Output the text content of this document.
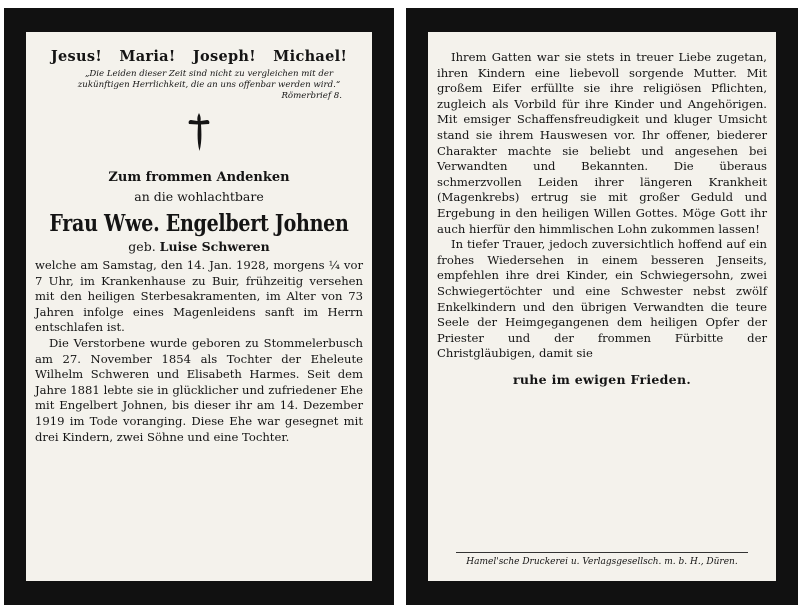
Jesus! Maria! Joseph! Michael!
„Die Leiden dieser Zeit sind nicht zu vergleichen mit der zukünftigen Herrlichkeit, die an uns offenbar werden wird.“
Römerbrief 8.
Zum frommen Andenken
an die wohlachtbare
Frau Wwe. Engelbert Johnen
geb. Luise Schweren

welche am Samstag, den 14. Jan. 1928, morgens ¼ vor 7 Uhr, im Krankenhause zu Buir, frühzeitig versehen mit den heiligen Sterbesakramenten, im Alter von 73 Jahren infolge eines Magenleidens sanft im Herrn entschlafen ist.

Die Verstorbene wurde geboren zu Stommelerbusch am 27. November 1854 als Tochter der Eheleute Wilhelm Schweren und Elisabeth Harmes. Seit dem Jahre 1881 lebte sie in glücklicher und zufriedener Ehe mit Engelbert Johnen, bis dieser ihr am 14. Dezember 1919 im Tode voranging. Diese Ehe war gesegnet mit drei Kindern, zwei Söhne und eine Tochter.

Ihrem Gatten war sie stets in treuer Liebe zugetan, ihren Kindern eine liebevoll sorgende Mutter. Mit großem Eifer erfüllte sie ihre religiösen Pflichten, zugleich als Vorbild für ihre Kinder und Angehörigen. Mit emsiger Schaffensfreudigkeit und kluger Umsicht stand sie ihrem Hauswesen vor. Ihr offener, biederer Charakter machte sie beliebt und angesehen bei Verwandten und Bekannten. Die überaus schmerzvollen Leiden ihrer längeren Krankheit (Magenkrebs) ertrug sie mit großer Geduld und Ergebung in den heiligen Willen Gottes. Möge Gott ihr auch hierfür den himmlischen Lohn zukommen lassen!

In tiefer Trauer, jedoch zuversichtlich hoffend auf ein frohes Wiedersehen in einem besseren Jenseits, empfehlen ihre drei Kinder, ein Schwiegersohn, zwei Schwiegertöchter und eine Schwester nebst zwölf Enkelkindern und den übrigen Verwandten die teure Seele der Heimgegangenen dem heiligen Opfer der Priester und der frommen Fürbitte der Christgläubigen, damit sie

ruhe im ewigen Frieden.
Hamel'sche Druckerei u. Verlagsgesellsch. m. b. H., Düren.
